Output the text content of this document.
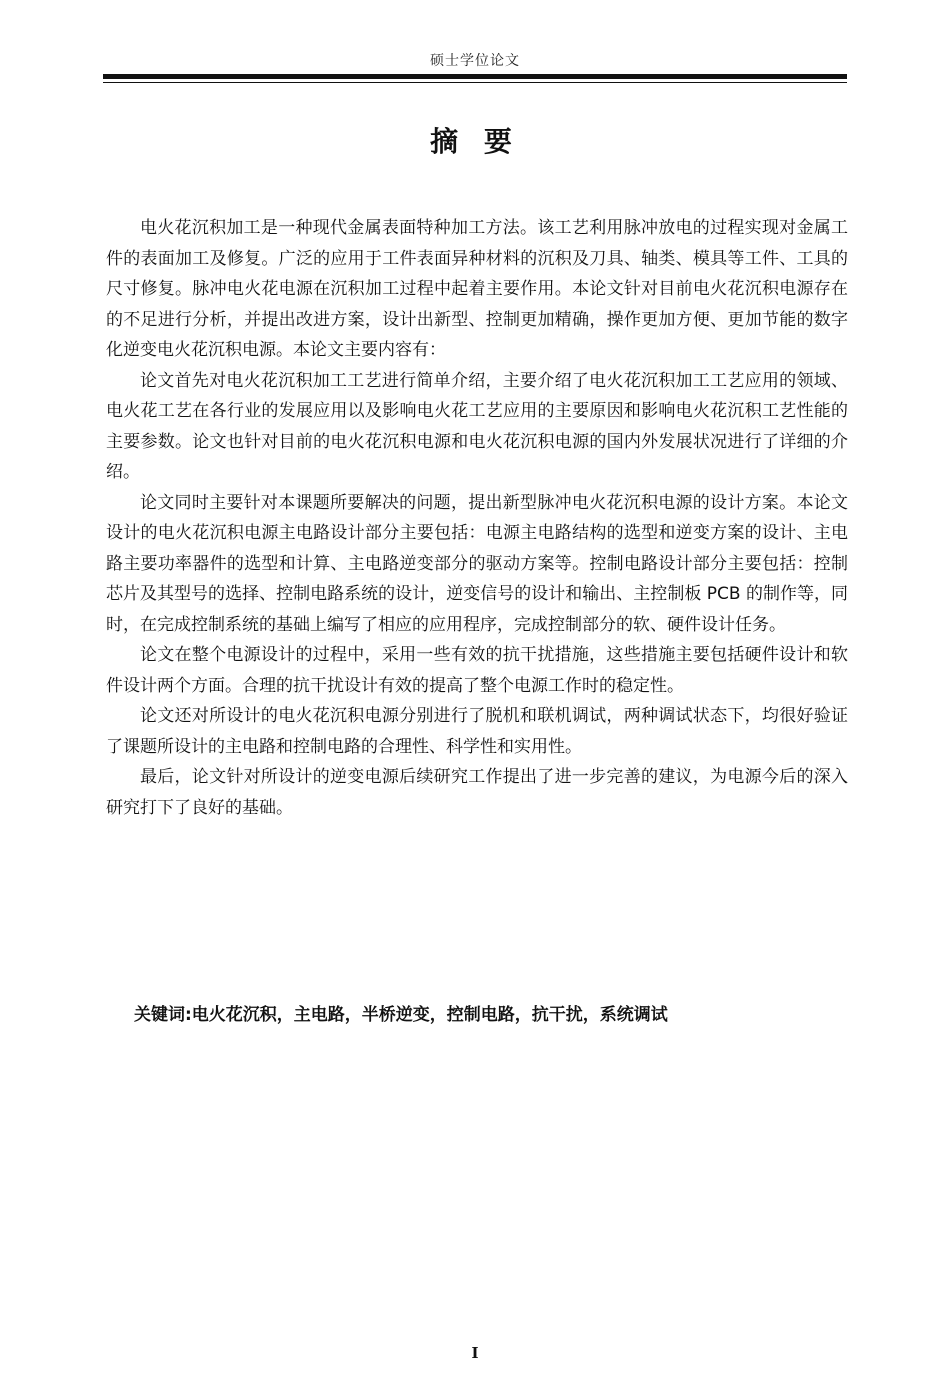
硕士学位论文
摘 要

电火花沉积加工是一种现代金属表面特种加工方法。该工艺利用脉冲放电的过程实现对金属工件的表面加工及修复。广泛的应用于工件表面异种材料的沉积及刀具、轴类、模具等工件、工具的尺寸修复。脉冲电火花电源在沉积加工过程中起着主要作用。本论文针对目前电火花沉积电源存在的不足进行分析，并提出改进方案，设计出新型、控制更加精确，操作更加方便、更加节能的数字化逆变电火花沉积电源。本论文主要内容有：

论文首先对电火花沉积加工工艺进行简单介绍，主要介绍了电火花沉积加工工艺应用的领域、电火花工艺在各行业的发展应用以及影响电火花工艺应用的主要原因和影响电火花沉积工艺性能的主要参数。论文也针对目前的电火花沉积电源和电火花沉积电源的国内外发展状况进行了详细的介绍。

论文同时主要针对本课题所要解决的问题，提出新型脉冲电火花沉积电源的设计方案。本论文设计的电火花沉积电源主电路设计部分主要包括：电源主电路结构的选型和逆变方案的设计、主电路主要功率器件的选型和计算、主电路逆变部分的驱动方案等。控制电路设计部分主要包括：控制芯片及其型号的选择、控制电路系统的设计，逆变信号的设计和输出、主控制板 PCB 的制作等，同时，在完成控制系统的基础上编写了相应的应用程序，完成控制部分的软、硬件设计任务。

论文在整个电源设计的过程中，采用一些有效的抗干扰措施，这些措施主要包括硬件设计和软件设计两个方面。合理的抗干扰设计有效的提高了整个电源工作时的稳定性。

论文还对所设计的电火花沉积电源分别进行了脱机和联机调试，两种调试状态下，均很好验证了课题所设计的主电路和控制电路的合理性、科学性和实用性。

最后，论文针对所设计的逆变电源后续研究工作提出了进一步完善的建议，为电源今后的深入研究打下了良好的基础。

关键词:电火花沉积，主电路，半桥逆变，控制电路，抗干扰，系统调试
I
